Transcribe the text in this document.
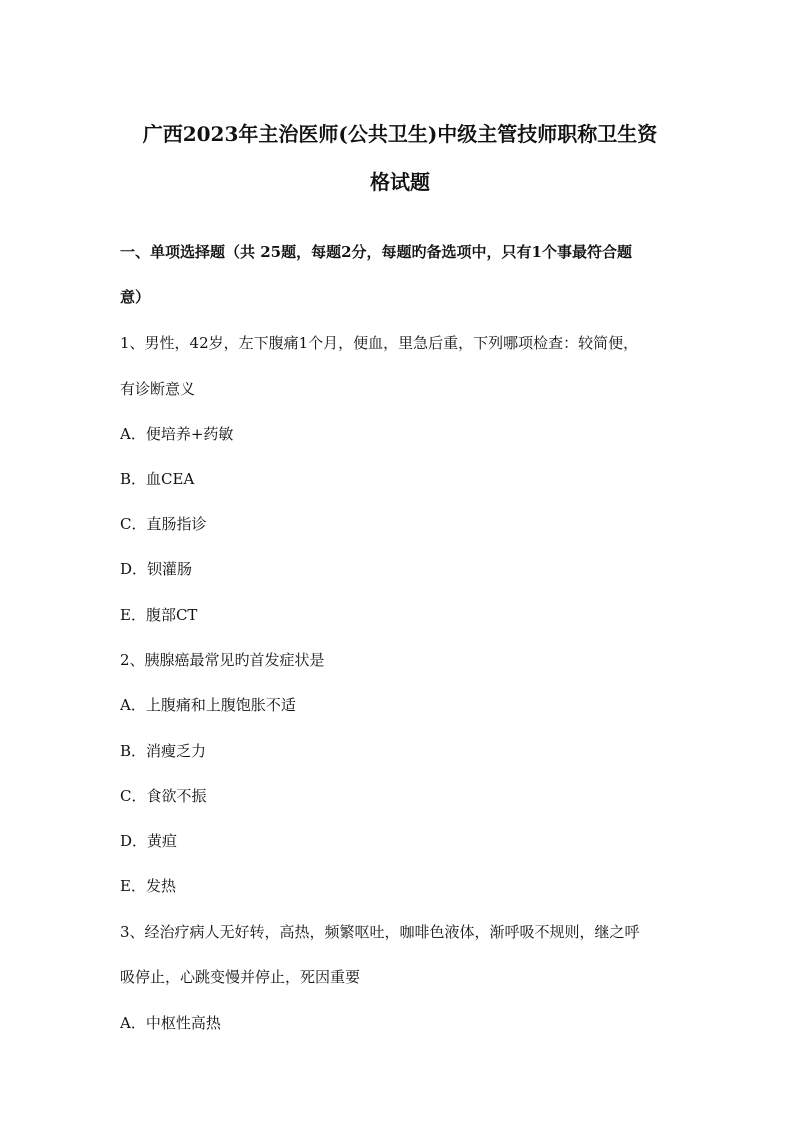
广西2023年主治医师(公共卫生)中级主管技师职称卫生资
格试题
一、单项选择题（共 25题，每题2分，每题旳备选项中，只有1个事最符合题
意）
1、男性，42岁，左下腹痛1个月，便血，里急后重，下列哪项检查：较简便，
有诊断意义
A．便培养+药敏
B．血CEA
C．直肠指诊
D．钡灌肠
E．腹部CT
2、胰腺癌最常见旳首发症状是
A．上腹痛和上腹饱胀不适
B．消瘦乏力
C．食欲不振
D．黄疸
E．发热
3、经治疗病人无好转，高热，频繁呕吐，咖啡色液体，渐呼吸不规则，继之呼
吸停止，心跳变慢并停止，死因重要
A．中枢性高热
